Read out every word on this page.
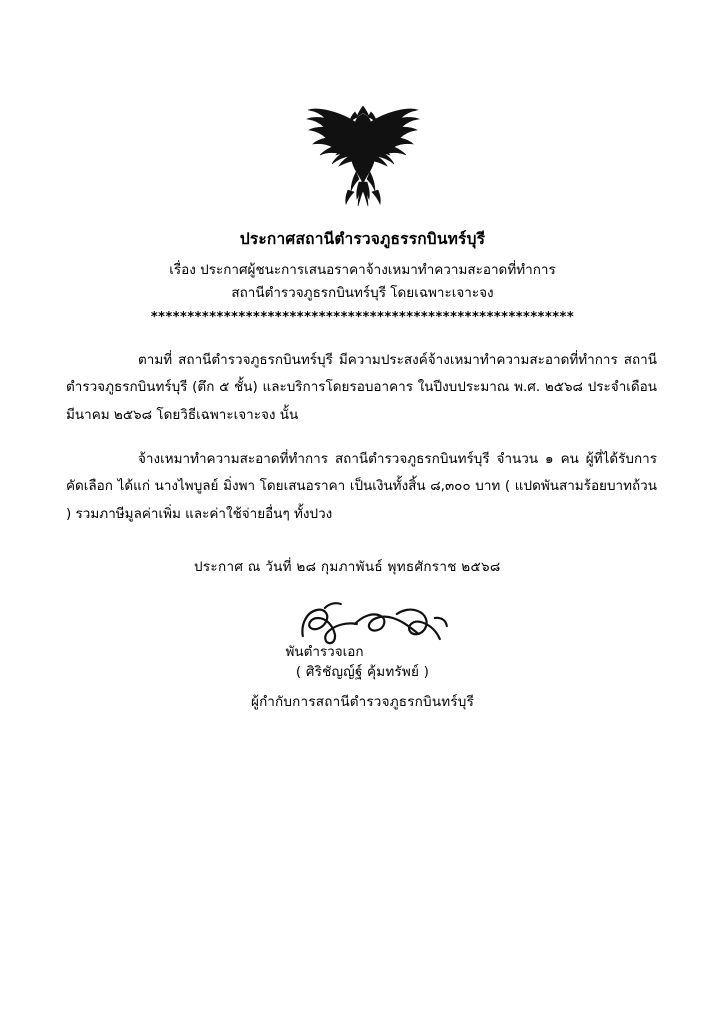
ประกาศสถานีตำรวจภูธรรกบินทร์บุรี
เรื่อง ประกาศผู้ชนะการเสนอราคาจ้างเหมาทำความสะอาดที่ทำการ
สถานีตำรวจภูธรกบินทร์บุรี โดยเฉพาะเจาะจง
**********************************************************

ตามที่ สถานีตำรวจภูธรกบินทร์บุรี มีความประสงค์จ้างเหมาทำความสะอาดที่ทำการ สถานีตำรวจภูธรกบินทร์บุรี (ตึก ๕ ชั้น) และบริการโดยรอบอาคาร ในปีงบประมาณ พ.ศ. ๒๕๖๘ ประจำเดือน มีนาคม ๒๕๖๘ โดยวิธีเฉพาะเจาะจง นั้น

จ้างเหมาทำความสะอาดที่ทำการ สถานีตำรวจภูธรกบินทร์บุรี จำนวน ๑ คน ผู้ที่ได้รับการคัดเลือก ได้แก่ นางไพบูลย์ มิ่งพา โดยเสนอราคา เป็นเงินทั้งสิ้น ๘,๓๐๐ บาท ( แปดพันสามร้อยบาทถ้วน ) รวมภาษีมูลค่าเพิ่ม และค่าใช้จ่ายอื่นๆ ทั้งปวง

ประกาศ ณ วันที่ ๒๘ กุมภาพันธ์ พุทธศักราช ๒๕๖๘
พันตำรวจเอก
( ศิริชัญญ์ฐ์ คุ้มทรัพย์ )
ผู้กำกับการสถานีตำรวจภูธรกบินทร์บุรี
